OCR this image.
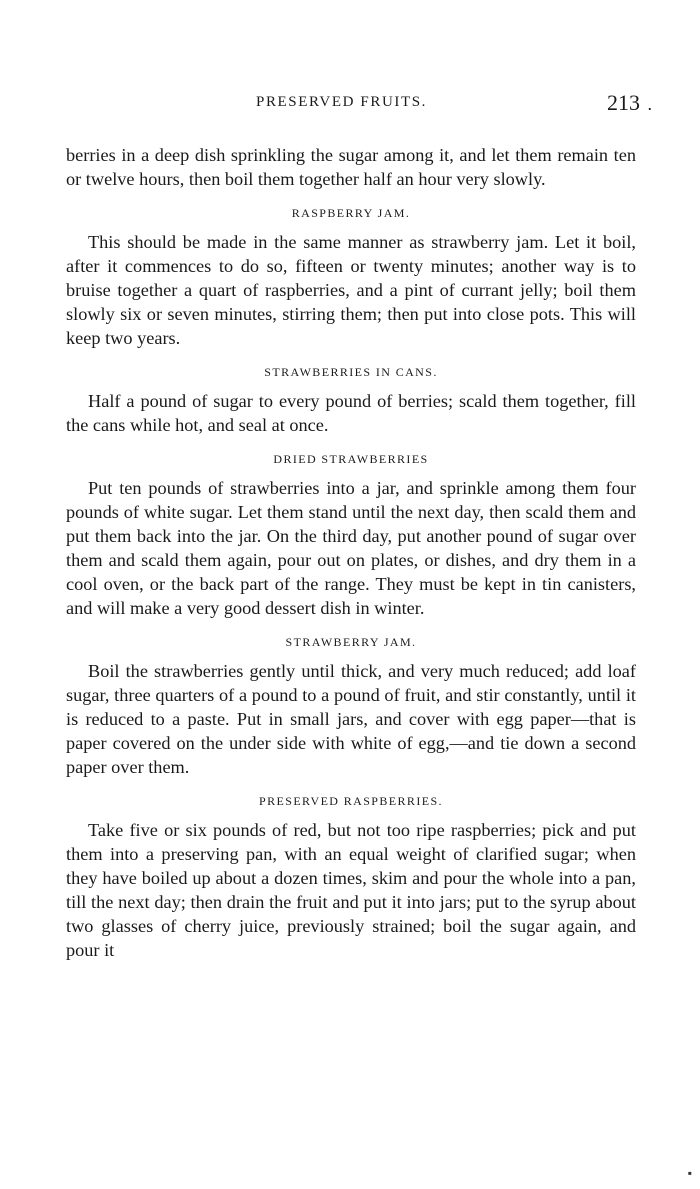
PRESERVED FRUITS.	213 .

berries in a deep dish sprinkling the sugar among it, and let them remain ten or twelve hours, then boil them together half an hour very slowly.

RASPBERRY JAM.

This should be made in the same manner as strawberry jam. Let it boil, after it commences to do so, fifteen or twenty minutes; another way is to bruise together a quart of raspberries, and a pint of currant jelly; boil them slowly six or seven minutes, stirring them; then put into close pots. This will keep two years.

STRAWBERRIES IN CANS.

Half a pound of sugar to every pound of berries; scald them together, fill the cans while hot, and seal at once.

DRIED STRAWBERRIES

Put ten pounds of strawberries into a jar, and sprinkle among them four pounds of white sugar. Let them stand until the next day, then scald them and put them back into the jar. On the third day, put another pound of sugar over them and scald them again, pour out on plates, or dishes, and dry them in a cool oven, or the back part of the range. They must be kept in tin canisters, and will make a very good dessert dish in winter.

STRAWBERRY JAM.

Boil the strawberries gently until thick, and very much reduced; add loaf sugar, three quarters of a pound to a pound of fruit, and stir constantly, until it is reduced to a paste. Put in small jars, and cover with egg paper—that is paper covered on the under side with white of egg,—and tie down a second paper over them.

PRESERVED RASPBERRIES.

Take five or six pounds of red, but not too ripe raspberries; pick and put them into a preserving pan, with an equal weight of clarified sugar; when they have boiled up about a dozen times, skim and pour the whole into a pan, till the next day; then drain the fruit and put it into jars; put to the syrup about two glasses of cherry juice, previously strained; boil the sugar again, and pour it

▪
